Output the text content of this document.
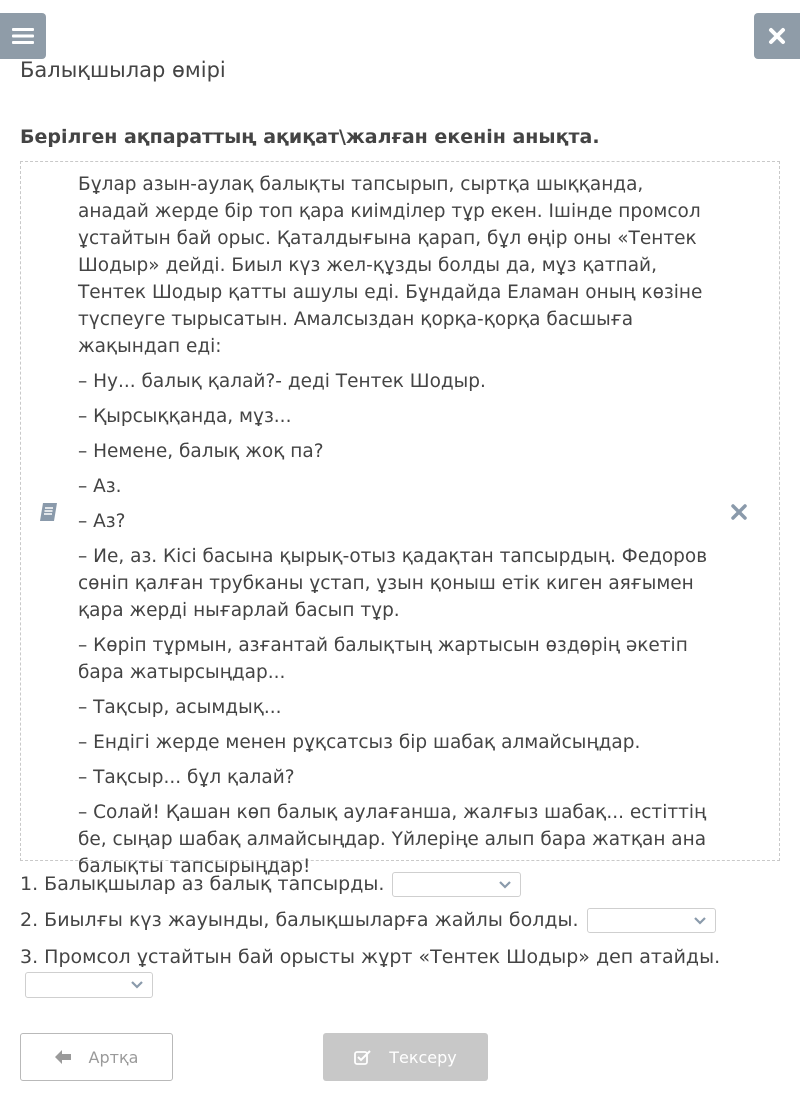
Балықшылар өмірі
Берілген ақпараттың ақиқат\жалған екенін анықта.

Бұлар азын-аулақ балықты тапсырып, сыртқа шыққанда, анадай жерде бір топ қара киімділер тұр екен. Ішінде промсол ұстайтын бай орыс. Қаталдығына қарап, бұл өңір оны «Тентек Шодыр» дейді. Биыл күз жел-құзды болды да, мұз қатпай, Тентек Шодыр қатты ашулы еді. Бұндайда Еламан оның көзіне түспеуге тырысатын. Амалсыздан қорқа-қорқа басшыға жақындап еді:

– Ну... балық қалай?- деді Тентек Шодыр.

– Қырсыққанда, мұз...

– Немене, балық жоқ па?

– Аз.

– Аз?

– Ие, аз. Кісі басына қырық-отыз қадақтан тапсырдың. Федоров сөніп қалған трубканы ұстап, ұзын қоныш етік киген аяғымен қара жерді нығарлай басып тұр.

– Көріп тұрмын, азғантай балықтың жартысын өздөрің әкетіп бара жатырсыңдар...

– Тақсыр, асымдық...

– Ендігі жерде менен рұқсатсыз бір шабақ алмайсыңдар.

– Тақсыр... бұл қалай?

– Солай! Қашан көп балық аулағанша, жалғыз шабақ... естіттің бе, сыңар шабақ алмайсыңдар. Үйлеріңе алып бара жатқан ана балықты тапсырыңдар!

1. Балықшылар аз балық тапсырды.
2. Биылғы күз жауынды, балықшыларға жайлы болды.
3. Промсол ұстайтын бай орысты жұрт «Тентек Шодыр» деп атайды.
Артқа	Тексеру
